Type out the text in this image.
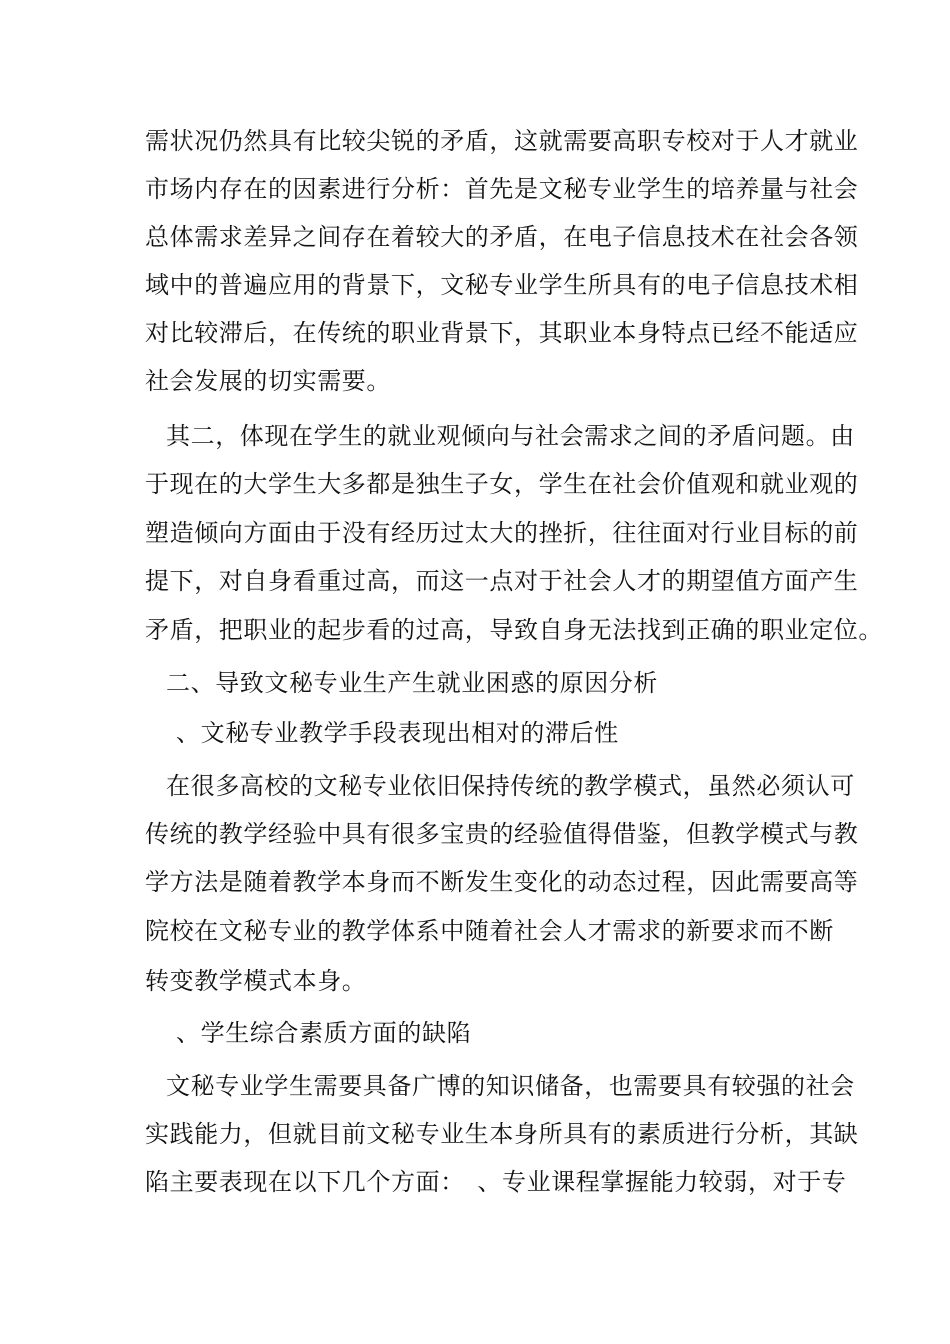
需状况仍然具有比较尖锐的矛盾，这就需要高职专校对于人才就业
市场内存在的因素进行分析：首先是文秘专业学生的培养量与社会
总体需求差异之间存在着较大的矛盾，在电子信息技术在社会各领
域中的普遍应用的背景下，文秘专业学生所具有的电子信息技术相
对比较滞后，在传统的职业背景下，其职业本身特点已经不能适应
社会发展的切实需要。
其二，体现在学生的就业观倾向与社会需求之间的矛盾问题。由
于现在的大学生大多都是独生子女，学生在社会价值观和就业观的
塑造倾向方面由于没有经历过太大的挫折，往往面对行业目标的前
提下，对自身看重过高，而这一点对于社会人才的期望值方面产生
矛盾，把职业的起步看的过高，导致自身无法找到正确的职业定位。
二、导致文秘专业生产生就业困惑的原因分析
、文秘专业教学手段表现出相对的滞后性
在很多高校的文秘专业依旧保持传统的教学模式，虽然必须认可
传统的教学经验中具有很多宝贵的经验值得借鉴，但教学模式与教
学方法是随着教学本身而不断发生变化的动态过程，因此需要高等
院校在文秘专业的教学体系中随着社会人才需求的新要求而不断
转变教学模式本身。
、学生综合素质方面的缺陷
文秘专业学生需要具备广博的知识储备，也需要具有较强的社会
实践能力，但就目前文秘专业生本身所具有的素质进行分析，其缺
陷主要表现在以下几个方面：　、专业课程掌握能力较弱，对于专
